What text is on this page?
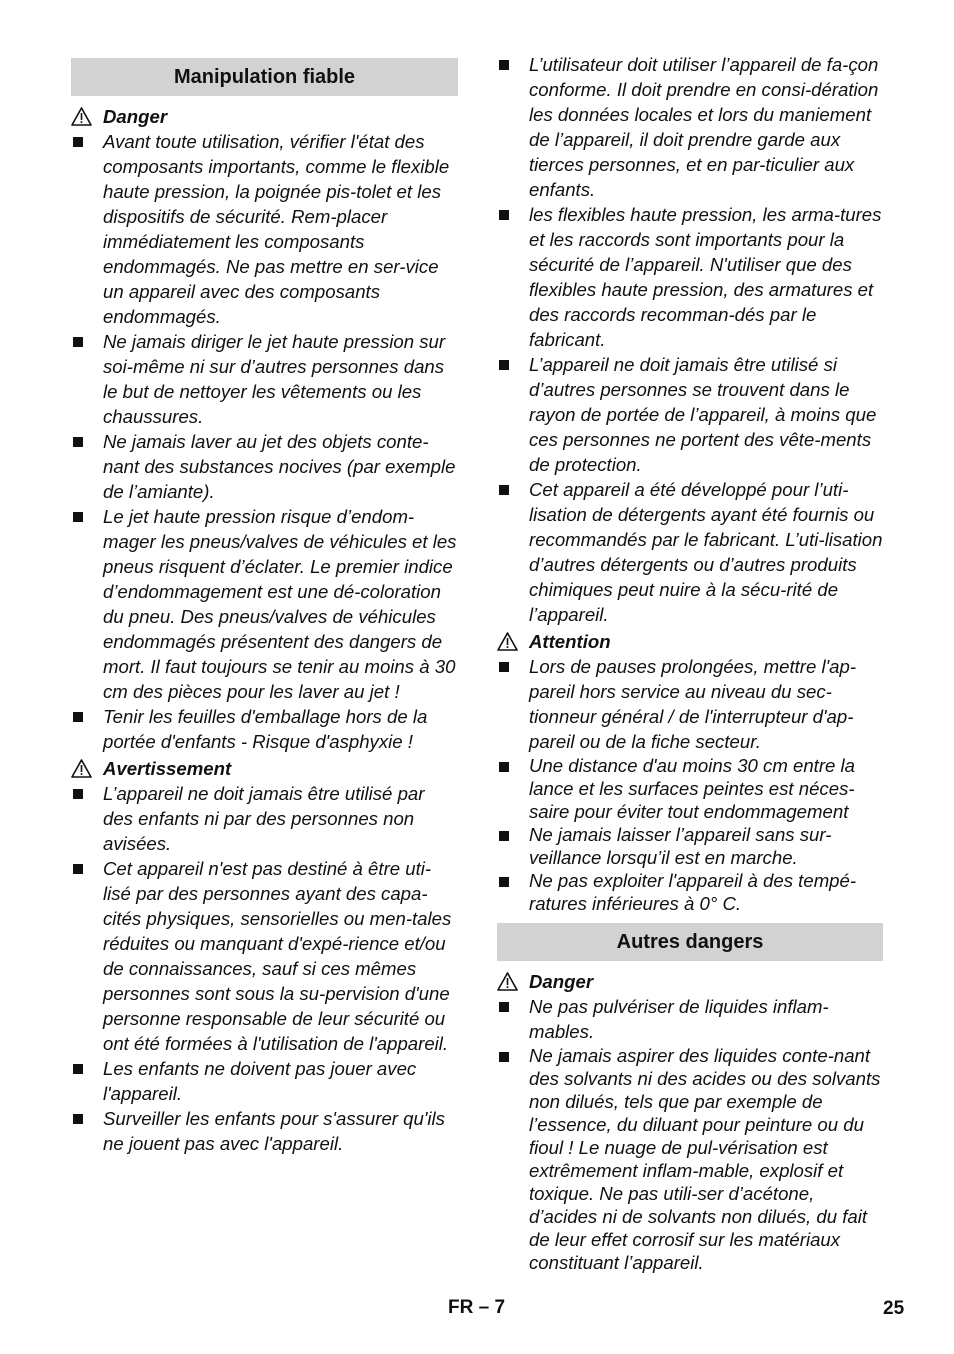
Manipulation fiable
Danger
Avant toute utilisation, vérifier l'état des composants importants, comme le flexible haute pression, la poignée pis-tolet et les dispositifs de sécurité. Rem-placer immédiatement les composants endommagés. Ne pas mettre en ser-vice un appareil avec des composants endommagés.
Ne jamais diriger le jet haute pression sur soi-même ni sur d’autres personnes dans le but de nettoyer les vêtements ou les chaussures.
Ne jamais laver au jet des objets conte-nant des substances nocives (par exemple de l’amiante).
Le jet haute pression risque d’endom-mager les pneus/valves de véhicules et les pneus risquent d’éclater. Le premier indice d’endommagement est une dé-coloration du pneu. Des pneus/valves de véhicules endommagés présentent des dangers de mort. Il faut toujours se tenir au moins à 30 cm des pièces pour les laver au jet !
Tenir les feuilles d'emballage hors de la portée d'enfants - Risque d'asphyxie !
Avertissement
L’appareil ne doit jamais être utilisé par des enfants ni par des personnes non avisées.
Cet appareil n'est pas destiné à être uti-lisé par des personnes ayant des capa-cités physiques, sensorielles ou men-tales réduites ou manquant d'expé-rience et/ou de connaissances, sauf si ces mêmes personnes sont sous la su-pervision d'une personne responsable de leur sécurité ou ont été formées à l'utilisation de l'appareil.
Les enfants ne doivent pas jouer avec l'appareil.
Surveiller les enfants pour s'assurer qu'ils ne jouent pas avec l'appareil.
L’utilisateur doit utiliser l’appareil de fa-çon conforme. Il doit prendre en consi-dération les données locales et lors du maniement de l’appareil, il doit prendre garde aux tierces personnes, et en par-ticulier aux enfants.
les flexibles haute pression, les arma-tures et les raccords sont importants pour la sécurité de l’appareil. N'utiliser que des flexibles haute pression, des armatures et des raccords recomman-dés par le fabricant.
L’appareil ne doit jamais être utilisé si d’autres personnes se trouvent dans le rayon de portée de l’appareil, à moins que ces personnes ne portent des vête-ments de protection.
Cet appareil a été développé pour l’uti-lisation de détergents ayant été fournis ou recommandés par le fabricant. L’uti-lisation d’autres détergents ou d’autres produits chimiques peut nuire à la sécu-rité de l’appareil.
Attention
Lors de pauses prolongées, mettre l'ap-pareil hors service au niveau du sec-tionneur général / de l'interrupteur d'ap-pareil ou de la fiche secteur.
Une distance d'au moins 30 cm entre la lance et les surfaces peintes est néces-saire pour éviter tout endommagement
Ne jamais laisser l’appareil sans sur-veillance lorsqu’il est en marche.
Ne pas exploiter l'appareil à des tempé-ratures inférieures à 0° C.
Autres dangers
Danger
Ne pas pulvériser de liquides inflam-mables.
Ne jamais aspirer des liquides conte-nant des solvants ni des acides ou des solvants non dilués, tels que par exemple de l’essence, du diluant pour peinture ou du fioul ! Le nuage de pul-vérisation est extrêmement inflam-mable, explosif et toxique. Ne pas utili-ser d’acétone, d’acides ni de solvants non dilués, du fait de leur effet corrosif sur les matériaux constituant l’appareil.
FR – 7	25
